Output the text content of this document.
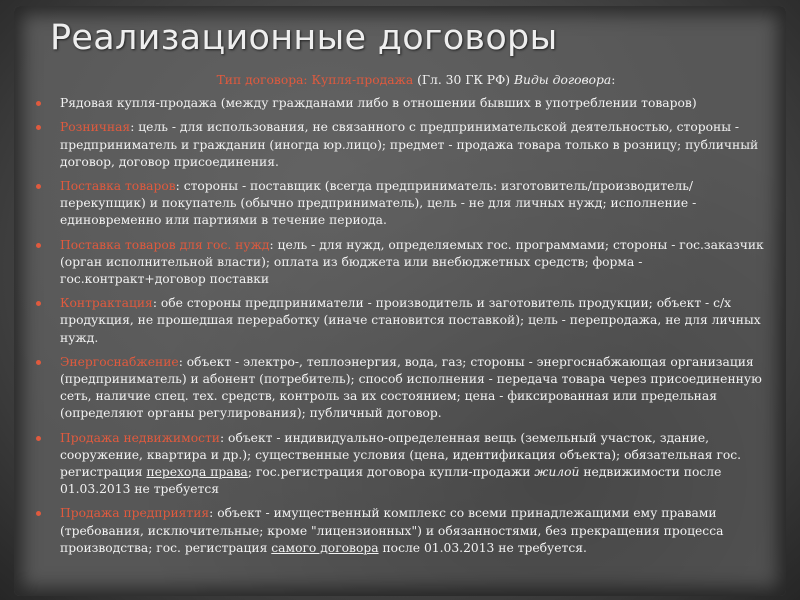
Реализационные договоры

Тип договора: Купля-продажа (Гл. 30 ГК РФ) Виды договора:

Рядовая купля-продажа (между гражданами либо в отношении бывших в употреблении товаров)
Розничная: цель - для использования, не связанного с предпринимательской деятельностью, стороны - предприниматель и гражданин (иногда юр.лицо); предмет - продажа товара только в розницу; публичный договор, договор присоединения.
Поставка товаров: стороны - поставщик (всегда предприниматель: изготовитель/производитель/перекупщик) и покупатель (обычно предприниматель), цель - не для личных нужд; исполнение - единовременно или партиями в течение периода.
Поставка товаров для гос. нужд: цель - для нужд, определяемых гос. программами; стороны - гос.заказчик (орган исполнительной власти); оплата из бюджета или внебюджетных средств; форма - гос.контракт+договор поставки
Контрактация: обе стороны предприниматели - производитель и заготовитель продукции; объект - с/х продукция, не прошедшая переработку (иначе становится поставкой); цель - перепродажа, не для личных нужд.
Энергоснабжение: объект - электро-, теплоэнергия, вода, газ; стороны - энергоснабжающая организация (предприниматель) и абонент (потребитель); способ исполнения - передача товара через присоединенную сеть, наличие спец. тех. средств, контроль за их состоянием; цена - фиксированная или предельная (определяют органы регулирования); публичный договор.
Продажа недвижимости: объект - индивидуально-определенная вещь (земельный участок, здание, сооружение, квартира и др.); существенные условия (цена, идентификация объекта); обязательная гос. регистрация перехода права; гос.регистрация договора купли-продажи жилой недвижимости после 01.03.2013 не требуется
Продажа предприятия: объект - имущественный комплекс со всеми принадлежащими ему правами (требования, исключительные; кроме "лицензионных") и обязанностями, без прекращения процесса производства; гос. регистрация самого договора после 01.03.2013 не требуется.
